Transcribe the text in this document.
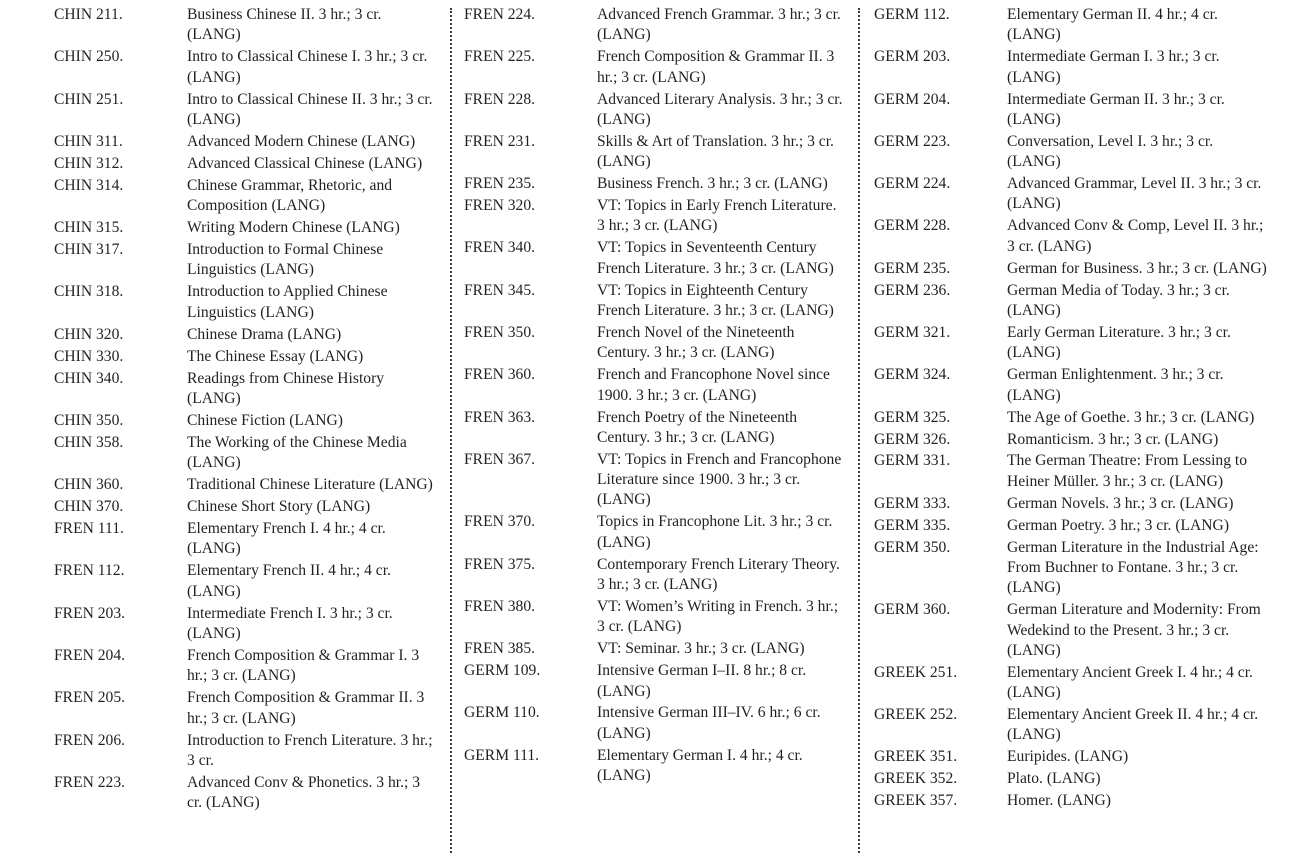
CHIN 211.	Business Chinese II. 3 hr.; 3 cr. (LANG)
CHIN 250.	Intro to Classical Chinese I. 3 hr.; 3 cr. (LANG)
CHIN 251.	Intro to Classical Chinese II. 3 hr.; 3 cr. (LANG)
CHIN 311.	Advanced Modern Chinese (LANG)
CHIN 312.	Advanced Classical Chinese (LANG)
CHIN 314.	Chinese Grammar, Rhetoric, and Composition (LANG)
CHIN 315.	Writing Modern Chinese (LANG)
CHIN 317.	Introduction to Formal Chinese Linguistics (LANG)
CHIN 318.	Introduction to Applied Chinese Linguistics (LANG)
CHIN 320.	Chinese Drama (LANG)
CHIN 330.	The Chinese Essay (LANG)
CHIN 340.	Readings from Chinese History (LANG)
CHIN 350.	Chinese Fiction (LANG)
CHIN 358.	The Working of the Chinese Media (LANG)
CHIN 360.	Traditional Chinese Literature (LANG)
CHIN 370.	Chinese Short Story (LANG)
FREN 111.	Elementary French I. 4 hr.; 4 cr. (LANG)
FREN 112.	Elementary French II. 4 hr.; 4 cr. (LANG)
FREN 203.	Intermediate French I. 3 hr.; 3 cr. (LANG)
FREN 204.	French Composition & Grammar I. 3 hr.; 3 cr. (LANG)
FREN 205.	French Composition & Grammar II. 3 hr.; 3 cr. (LANG)
FREN 206.	Introduction to French Literature. 3 hr.; 3 cr.
FREN 223.	Advanced Conv & Phonetics. 3 hr.; 3 cr. (LANG)
FREN 224.	Advanced French Grammar. 3 hr.; 3 cr. (LANG)
FREN 225.	French Composition & Grammar II. 3 hr.; 3 cr. (LANG)
FREN 228.	Advanced Literary Analysis. 3 hr.; 3 cr. (LANG)
FREN 231.	Skills & Art of Translation. 3 hr.; 3 cr. (LANG)
FREN 235.	Business French. 3 hr.; 3 cr. (LANG)
FREN 320.	VT: Topics in Early French Literature. 3 hr.; 3 cr. (LANG)
FREN 340.	VT: Topics in Seventeenth Century French Literature. 3 hr.; 3 cr. (LANG)
FREN 345.	VT: Topics in Eighteenth Century French Literature. 3 hr.; 3 cr. (LANG)
FREN 350.	French Novel of the Nineteenth Century. 3 hr.; 3 cr. (LANG)
FREN 360.	French and Francophone Novel since 1900. 3 hr.; 3 cr. (LANG)
FREN 363.	French Poetry of the Nineteenth Century. 3 hr.; 3 cr. (LANG)
FREN 367.	VT: Topics in French and Francophone Literature since 1900. 3 hr.; 3 cr. (LANG)
FREN 370.	Topics in Francophone Lit. 3 hr.; 3 cr. (LANG)
FREN 375.	Contemporary French Literary Theory. 3 hr.; 3 cr. (LANG)
FREN 380.	VT: Women’s Writing in French. 3 hr.; 3 cr. (LANG)
FREN 385.	VT: Seminar. 3 hr.; 3 cr. (LANG)
GERM 109.	Intensive German I–II. 8 hr.; 8 cr. (LANG)
GERM 110.	Intensive German III–IV. 6 hr.; 6 cr. (LANG)
GERM 111.	Elementary German I. 4 hr.; 4 cr. (LANG)
GERM 112.	Elementary German II. 4 hr.; 4 cr. (LANG)
GERM 203.	Intermediate German I. 3 hr.; 3 cr. (LANG)
GERM 204.	Intermediate German II. 3 hr.; 3 cr. (LANG)
GERM 223.	Conversation, Level I. 3 hr.; 3 cr. (LANG)
GERM 224.	Advanced Grammar, Level II. 3 hr.; 3 cr. (LANG)
GERM 228.	Advanced Conv & Comp, Level II. 3 hr.; 3 cr. (LANG)
GERM 235.	German for Business. 3 hr.; 3 cr. (LANG)
GERM 236.	German Media of Today. 3 hr.; 3 cr. (LANG)
GERM 321.	Early German Literature. 3 hr.; 3 cr. (LANG)
GERM 324.	German Enlightenment. 3 hr.; 3 cr. (LANG)
GERM 325.	The Age of Goethe. 3 hr.; 3 cr. (LANG)
GERM 326.	Romanticism. 3 hr.; 3 cr. (LANG)
GERM 331.	The German Theatre: From Lessing to Heiner Müller. 3 hr.; 3 cr. (LANG)
GERM 333.	German Novels. 3 hr.; 3 cr. (LANG)
GERM 335.	German Poetry. 3 hr.; 3 cr. (LANG)
GERM 350.	German Literature in the Industrial Age: From Buchner to Fontane. 3 hr.; 3 cr. (LANG)
GERM 360.	German Literature and Modernity: From Wedekind to the Present. 3 hr.; 3 cr. (LANG)
GREEK 251.	Elementary Ancient Greek I. 4 hr.; 4 cr. (LANG)
GREEK 252.	Elementary Ancient Greek II. 4 hr.; 4 cr. (LANG)
GREEK 351.	Euripides. (LANG)
GREEK 352.	Plato. (LANG)
GREEK 357.	Homer. (LANG)
